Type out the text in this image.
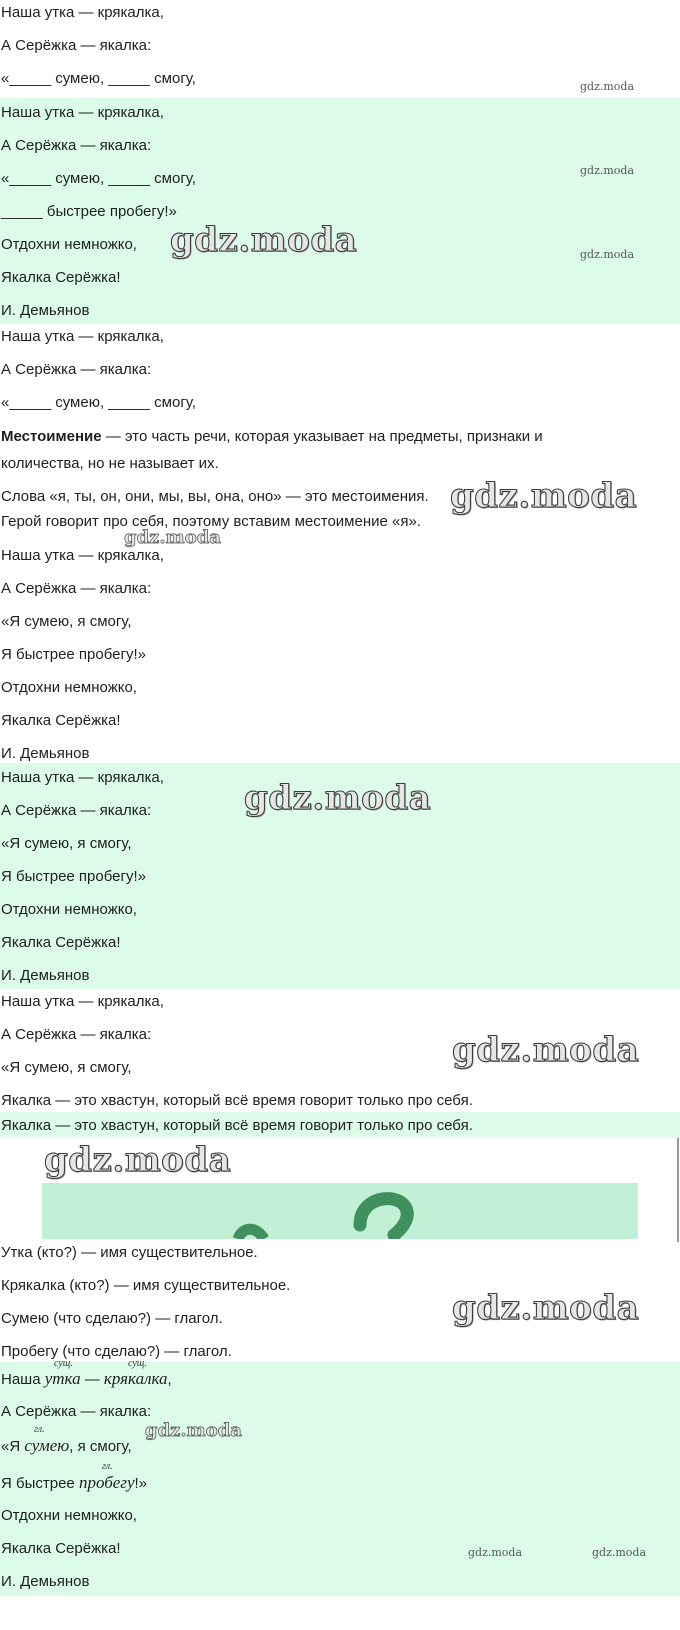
Наша утка — крякалка,
А Серёжка — якалка:
«_____ сумею, _____ смогу,
Наша утка — крякалка,
А Серёжка — якалка:
«_____ сумею, _____ смогу,
_____ быстрее пробегу!»
Отдохни немножко,
Якалка Серёжка!
И. Демьянов
Наша утка — крякалка,
А Серёжка — якалка:
«_____ сумею, _____ смогу,
Местоимение — это часть речи, которая указывает на предметы, признаки и
количества, но не называет их.
Слова «я, ты, он, они, мы, вы, она, оно» — это местоимения.
Герой говорит про себя, поэтому вставим местоимение «я».
Наша утка — крякалка,
А Серёжка — якалка:
«Я сумею, я смогу,
Я быстрее пробегу!»
Отдохни немножко,
Якалка Серёжка!
И. Демьянов
Наша утка — крякалка,
А Серёжка — якалка:
«Я сумею, я смогу,
Я быстрее пробегу!»
Отдохни немножко,
Якалка Серёжка!
И. Демьянов
Наша утка — крякалка,
А Серёжка — якалка:
«Я сумею, я смогу,
Якалка — это хвастун, который всё время говорит только про себя.
Якалка — это хвастун, который всё время говорит только про себя.
Утка (кто?) — имя существительное.
Крякалка (кто?) — имя существительное.
Сумею (что сделаю?) — глагол.
Пробегу (что сделаю?) — глагол.
сущ.	сущ.
Наша утка — крякалка,
А Серёжка — якалка:
гл.
«Я сумею, я смогу,
гл.
Я быстрее пробегу!»
Отдохни немножко,
Якалка Серёжка!
И. Демьянов
gdz.moda
gdz.moda
gdz.moda
gdz.moda
gdz.moda
gdz.moda
gdz.moda
gdz.moda
gdz.moda
gdz.moda
gdz.moda
gdz.moda	gdz.moda
